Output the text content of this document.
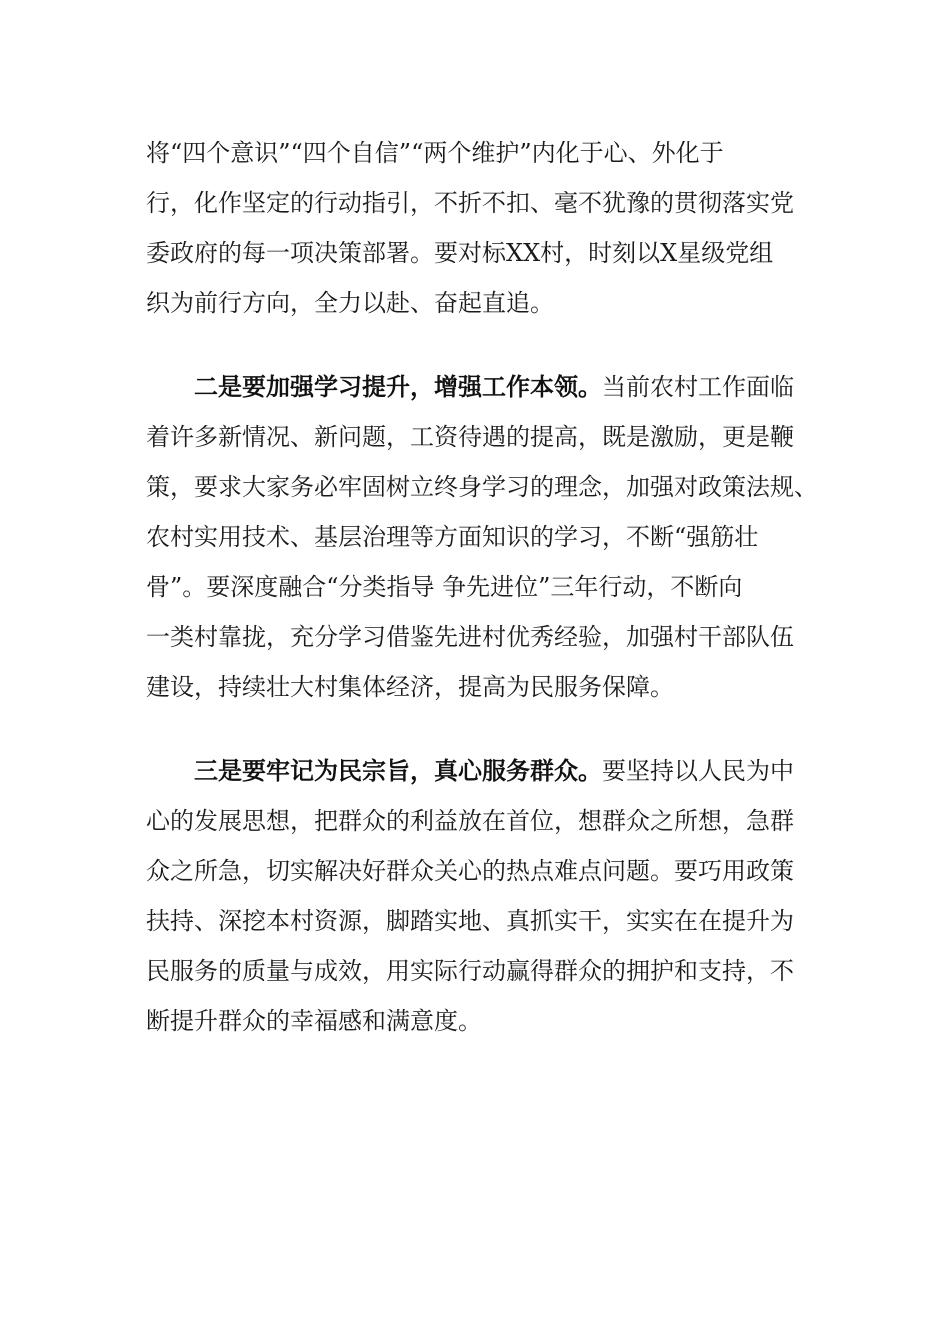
将“四个意识”“四个自信”“两个维护”内化于心、外化于
行，化作坚定的行动指引，不折不扣、毫不犹豫的贯彻落实党
委政府的每一项决策部署。要对标XX村，时刻以X星级党组
织为前行方向，全力以赴、奋起直追。
二是要加强学习提升，增强工作本领。当前农村工作面临
着许多新情况、新问题，工资待遇的提高，既是激励，更是鞭
策，要求大家务必牢固树立终身学习的理念，加强对政策法规、
农村实用技术、基层治理等方面知识的学习，不断“强筋壮
骨”。要深度融合“分类指导 争先进位”三年行动，不断向
一类村靠拢，充分学习借鉴先进村优秀经验，加强村干部队伍
建设，持续壮大村集体经济，提高为民服务保障。
三是要牢记为民宗旨，真心服务群众。要坚持以人民为中
心的发展思想，把群众的利益放在首位，想群众之所想，急群
众之所急，切实解决好群众关心的热点难点问题。要巧用政策
扶持、深挖本村资源，脚踏实地、真抓实干，实实在在提升为
民服务的质量与成效，用实际行动赢得群众的拥护和支持，不
断提升群众的幸福感和满意度。
